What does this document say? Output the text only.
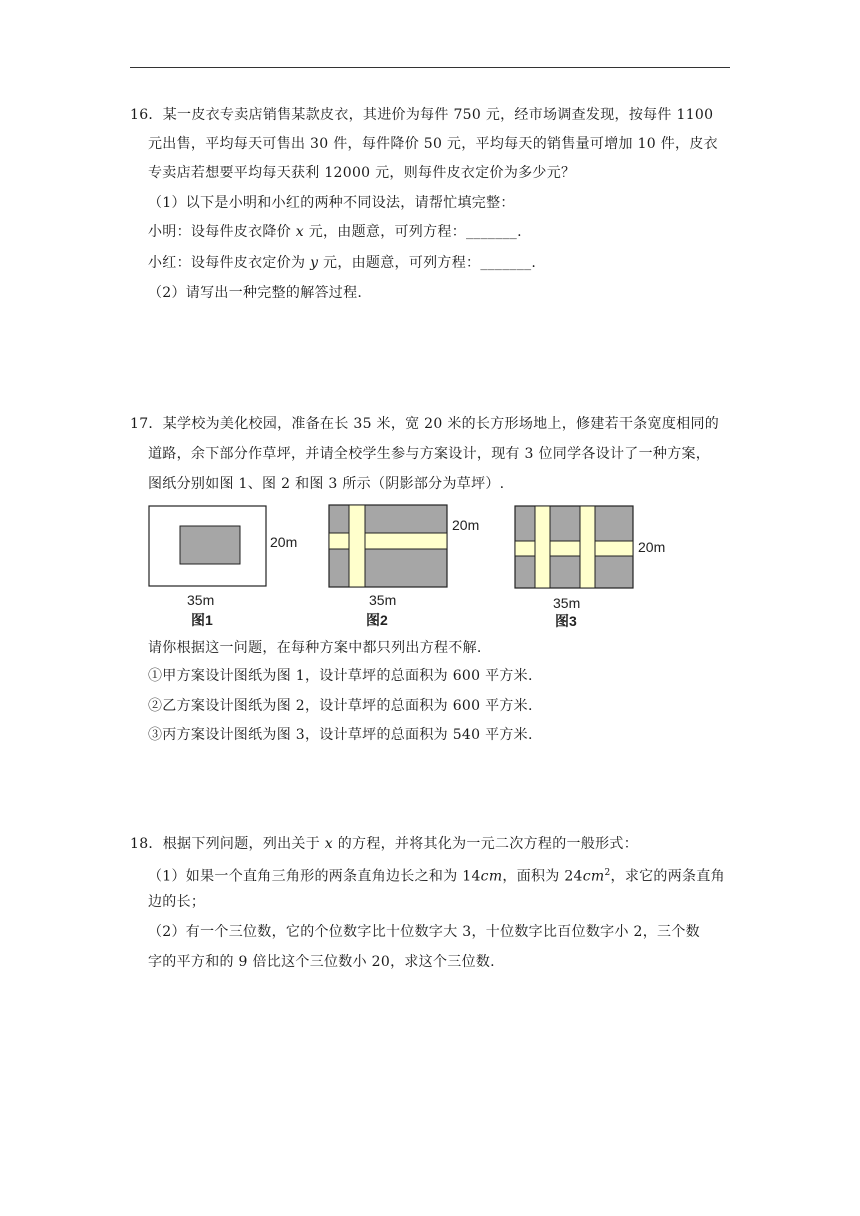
16．某一皮衣专卖店销售某款皮衣，其进价为每件 750 元，经市场调查发现，按每件 1100
元出售，平均每天可售出 30 件，每件降价 50 元，平均每天的销售量可增加 10 件，皮衣
专卖店若想要平均每天获利 12000 元，则每件皮衣定价为多少元？
（1）以下是小明和小红的两种不同设法，请帮忙填完整：
小明：设每件皮衣降价 x 元，由题意，可列方程：_______.
小红：设每件皮衣定价为 y 元，由题意，可列方程：_______.
（2）请写出一种完整的解答过程.
17．某学校为美化校园，准备在长 35 米，宽 20 米的长方形场地上，修建若干条宽度相同的
道路，余下部分作草坪，并请全校学生参与方案设计，现有 3 位同学各设计了一种方案，
图纸分别如图 1、图 2 和图 3 所示（阴影部分为草坪）.
20m
35m
图1
20m
35m
图2
20m
35m
图3
请你根据这一问题，在每种方案中都只列出方程不解.
①甲方案设计图纸为图 1，设计草坪的总面积为 600 平方米.
②乙方案设计图纸为图 2，设计草坪的总面积为 600 平方米.
③丙方案设计图纸为图 3，设计草坪的总面积为 540 平方米.
18．根据下列问题，列出关于 x 的方程，并将其化为一元二次方程的一般形式：
（1）如果一个直角三角形的两条直角边长之和为 14cm，面积为 $24cm^2$，求它的两条直角
边的长；
（2）有一个三位数，它的个位数字比十位数字大 3，十位数字比百位数字小 2，三个数
字的平方和的 9 倍比这个三位数小 20，求这个三位数.
